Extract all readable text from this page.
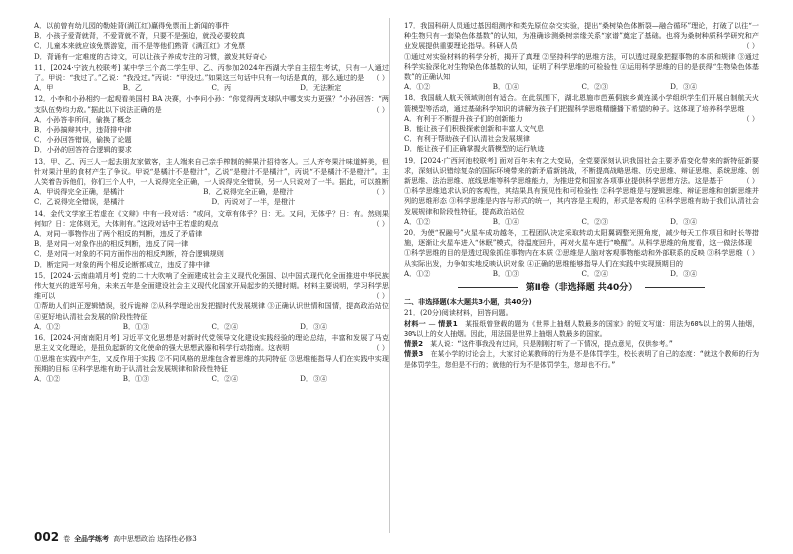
A．以前曾有幼儿园的勒娃背(满江红)赢得免票而上新闻的事件

B．小孩子爱背就背，不爱背就不背，只要不是强迫，就没必要较真

C．儿童本来就应该免票游览，而不是等他们熟背《满江红》才免票

D．背诵有一定难度的古诗文，可以让孩子养成专注的习惯，激发其好奇心

11．[2024·宁波九校联考] 某中学三个高二学生甲、乙、丙参加2024年西湖大学自主招生考试，只有一人通过了。甲说：“我过了。”乙说：“我没过。”丙说：“甲没过。”如果这三句话中只有一句话是真的，那么通过的是 （ ）

A．甲	B．乙	C．丙	D．无法断定

12．小李和小孙相约一起观看美国村 BA 决赛，小李问小孙：“你觉得两支球队中哪支实力更强？”小孙回答：“两支队伍势均力敌。”据此以下说法正确的是	（ ）

A．小孙答非所问，偷换了概念

B．小孙搞辩其中，违背排中律

C．小孙回答错误，偷换了论题

D．小孙的回答符合逻辑的要求

13．甲、乙、丙三人一起去朋友家做客，主人端来自己亲手榨制的鲜果汁招待客人。三人齐夸果汁味道鲜美，但针对果汁里的食材产生了争议。甲说“是橘汁不是橙汁”，乙说“是橙汁不是橘汁”，丙说“不是橘汁不是橙汁”。主人笑着告诉他们，你们三个人中，一人说得完全正确，一人说得完全错误，另一人只说对了一半。据此，可以推断
（ ）

A．甲说得完全正确，是橘汁	B．乙说得完全正确，是橙汁
C．乙说得完全错误，是橘汁	D．丙说对了一半，是橙汁

14．金代文学家王若虚在《文辩》中有一段对话：“或问，文章有体乎？日：无。又问，无体乎？日：有。然则果何如？日：定体则无，大体则有。”这段对话中王若虚的观点	（ ）

A．对同一事物作出了两个相反的判断，违反了矛盾律

B．是对同一对象作出的相反判断，违反了同一律

C．是对同一对象的不同方面作出的相反判断，符合逻辑规则

D．断定同一对象的两个相反论断都成立，违反了排中律

15．[2024·云南曲靖月考] 党的二十大吹响了全面建成社会主义现代化强国、以中国式现代化全面推进中华民族伟大复兴的进军号角，未来五年是全面建设社会主义现代化国家开局起步的关键时期。材料主要说明，学习科学思维可以	（ ）

①帮助人们纠正逻辑错误，驳斥诡辩 ②从科学理论出发把握时代发展规律 ③正确认识世情和国情，提高政治站位 ④更好地认清社会发展的阶段性特征

A．①②	B．①③	C．②④	D．③④

16．[2024·河南南阳月考] 习近平文化思想是对新时代党领导文化建设实践经验的理论总结，丰富和发展了马克思主义文化理论，是扭负起新的文化使命的强大思想武器和科学行动指南。这表明	（ ）

①思维在实践中产生，又反作用于实践 ②不同风格的思维包含着思维的共同特征 ③思维能指导人们在实践中实现预期的目标 ④科学思维有助于认清社会发展规律和阶段性特征

A．①②	B．①③	C．②④	D．③④

17．我国科研人员通过基因组测序和类先原位杂交实验，提出“桑树染色体断裂—融合循环”理论，打破了以往“一种生物只有一套染色体基数”的认知，为准确诊测桑树亲缘关系“家谱”奠定了基础。也将为桑树种质科学研究和产业发展提供重要理论指导。科研人员	（ ）

①通过对实验材料的科学分析，揭开了真理 ②坚持科学的思维方法，可以透过现象把握事物的本质和规律 ③通过科学实验深化对生物染色体基数的认知，证明了科学思维的可检验性 ④运用科学思维的目的是获得“生物染色体基数”的正确认知

A．①②	B．①④	C．②③	D．③④

18．我国载人航天领域则创有适合。在此氛围下，湖北恩施市芭蕉侗族乡黄连溪小学组织学生们开展自制航天火箭模型等活动，通过基础科学知识的讲解为孩子们把握科学思维精髓播下希望的种子。这体现了培养科学思维
（ ）

A．有利于不断提升孩子们的创新能力

B．能让孩子们积极探索创新和丰富人文气息

C．有利于帮助孩子们认清社会发展规律

D．能让孩子们正确掌握火箭模型的运行轨迹

19．[2024·广西河池校联考] 面对百年未有之大变局，全党要深刻认识我国社会主要矛盾变化带来的新特征新要求，深刻认识错综复杂的国际环境带来的新矛盾新挑战，不断提高战略思维、历史思维、辩证思维、系统思维、创新思维、法治思维、底线思维等科学思维能力，为推进党和国家各项事业提供科学思想方法。这是基于	（ ）

①科学思维追求认识的客观性，其结果具有预见性和可检验性 ②科学思维是与逻辑思维、辩证思维和创新思维并列的思维形态 ③科学思维是内容与形式的统一，其内容是主观的，形式是客观的 ④科学思维有助于我们认清社会发展规律和阶段性特征，提高政治站位

A．①②	B．①④	C．②③	D．③④

20．为使“祝融号”火星车成功越冬，工程团队决定采取转动太阳翼调整光照角度，减少每天工作项目和时长等措施，逐渐让火星车进入“休眠”模式，待温度回升，再对火星车进行“唤醒”。从科学思维的角度看，这一做法体现
（ ）

①科学思维的目的是透过现象抓住事物内在本质 ②思维是人脑对客观事物能动和外部联系的反映 ③科学思维从实际出发，力争如实地反映认识对象 ④正确的思维能够指导人们在实践中实现预期目的

A．①②	B．①③	C．②④	D．③④
第Ⅱ卷（非选择题 共40分）

二、非选择题(本大题共3小题，共40分)

21．(20分)阅读材料，回答问题。

材料一 — 情景1　 某报纸曾登载的题为《世界上抽烟人数最多的国家》的短文写道：用法为60%以上的男人抽烟，30%以上的女人抽烟。因此，用法国是世界上抽烟人数最多的国家。

情景2　 某人说：“这件事我没有过问，只是刚刚打听了一下情况，提点意见，仅供参考。”

情景3　 在某小学的讨论会上，大家讨论某教师的行为是不是体罚学生，校长表明了自己的态度：“就这个教师的行为是体罚学生，您但是不行的；就他的行为不是体罚学生，您却也不行。”

002 卷 全品学练考 高中思想政治 选择性必修3
